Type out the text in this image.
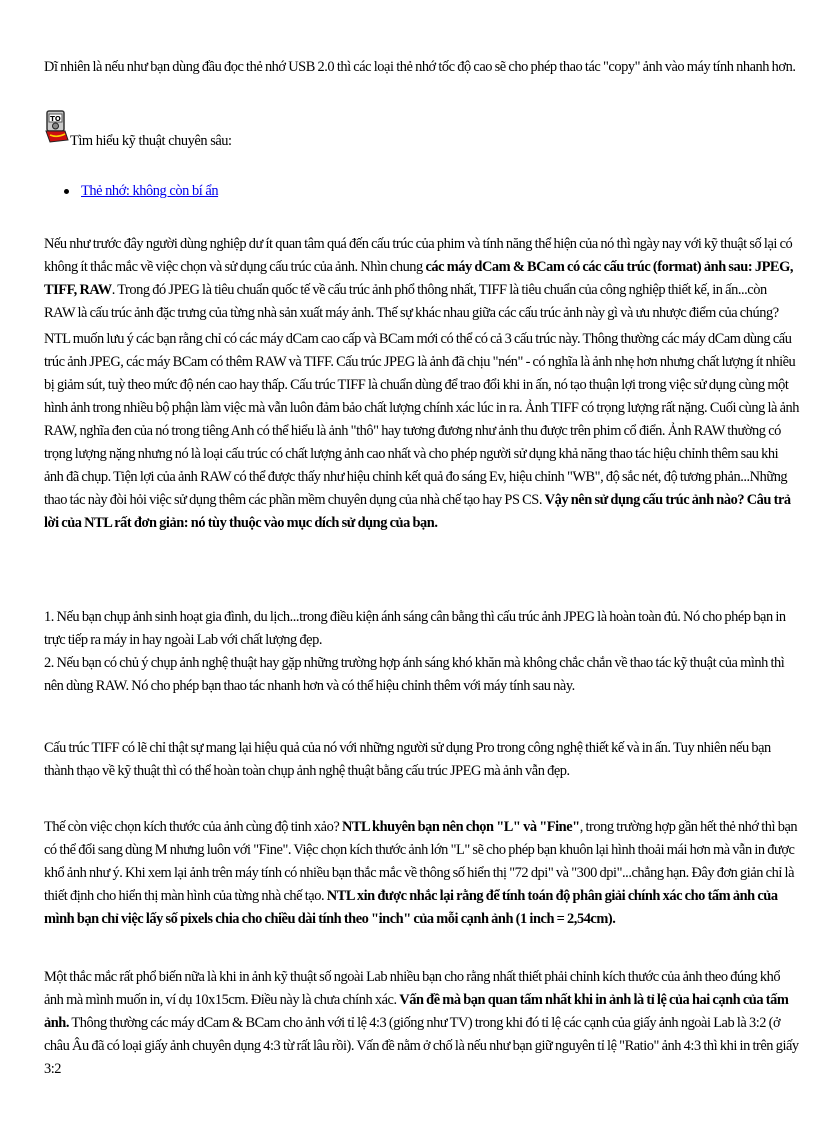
Dĩ nhiên là nếu như bạn dùng đầu đọc thẻ nhớ USB 2.0 thì các loại thẻ nhớ tốc độ cao sẽ cho phép thao tác "copy" ảnh vào máy tính nhanh hơn.

TO
Tìm hiểu kỹ thuật chuyên sâu:
Thẻ nhớ: không còn bí ẩn

Nếu như trước đây người dùng nghiệp dư ít quan tâm quá đến cấu trúc của phim và tính năng thể hiện của nó thì ngày nay với kỹ thuật số lại có không ít thắc mắc về việc chọn và sử dụng cấu trúc của ảnh. Nhìn chung các máy dCam & BCam có các cấu trúc (format) ảnh sau: JPEG, TIFF, RAW. Trong đó JPEG là tiêu chuẩn quốc tế về cấu trúc ảnh phổ thông nhất, TIFF là tiêu chuẩn của công nghiệp thiết kế, in ấn...còn RAW là cấu trúc ảnh đặc trưng của từng nhà sản xuất máy ảnh. Thế sự khác nhau giữa các cấu trúc ảnh này gì và ưu nhược điểm của chúng?

NTL muốn lưu ý các bạn rằng chỉ có các máy dCam cao cấp và BCam mới có thể có cả 3 cấu trúc này. Thông thường các máy dCam dùng cấu trúc ảnh JPEG, các máy BCam có thêm RAW và TIFF. Cấu trúc JPEG là ảnh đã chịu "nén" - có nghĩa là ảnh nhẹ hơn nhưng chất lượng ít nhiều bị giảm sút, tuỳ theo mức độ nén cao hay thấp. Cấu trúc TIFF là chuẩn dùng để trao đổi khi in ấn, nó tạo thuận lợi trong việc sử dụng cùng một hình ảnh trong nhiều bộ phận làm việc mà vẫn luôn đảm bảo chất lượng chính xác lúc in ra. Ảnh TIFF có trọng lượng rất nặng. Cuối cùng là ảnh RAW, nghĩa đen của nó trong tiêng Anh có thể hiểu là ảnh "thô" hay tương đương như ảnh thu được trên phim cổ điển. Ảnh RAW thường có trọng lượng nặng nhưng nó là loại cấu trúc có chất lượng ảnh cao nhất và cho phép người sử dụng khả năng thao tác hiệu chỉnh thêm sau khi ảnh đã chụp. Tiện lợi của ảnh RAW có thể được thấy như hiệu chỉnh kết quả đo sáng Ev, hiệu chỉnh "WB", độ sắc nét, độ tương phản...Những thao tác này đòi hỏi việc sử dụng thêm các phần mềm chuyên dụng của nhà chế tạo hay PS CS. Vậy nên sử dụng cấu trúc ảnh nào? Câu trả lời của NTL rất đơn giản: nó tùy thuộc vào mục dích sử dụng của bạn.

1. Nếu bạn chụp ảnh sinh hoạt gia đình, du lịch...trong điều kiện ánh sáng cân bằng thì cấu trúc ảnh JPEG là hoàn toàn đủ. Nó cho phép bạn in trực tiếp ra máy in hay ngoài Lab với chất lượng đẹp.

2. Nếu bạn có chủ ý chụp ảnh nghệ thuật hay gặp những trường hợp ánh sáng khó khăn mà không chắc chắn về thao tác kỹ thuật của mình thì nên dùng RAW. Nó cho phép bạn thao tác nhanh hơn và có thể hiệu chỉnh thêm với máy tính sau này.

Cấu trúc TIFF có lẽ chỉ thật sự mang lại hiệu quả của nó với những người sử dụng Pro trong công nghệ thiết kế và in ấn. Tuy nhiên nếu bạn thành thạo về kỹ thuật thì có thể hoàn toàn chụp ảnh nghệ thuật bằng cấu trúc JPEG mà ảnh vẫn đẹp.

Thế còn việc chọn kích thước của ảnh cùng độ tinh xảo? NTL khuyên bạn nên chọn "L" và "Fine", trong trường hợp gần hết thẻ nhớ thì bạn có thể đổi sang dùng M nhưng luôn với "Fine". Việc chọn kích thước ảnh lớn "L" sẽ cho phép bạn khuôn lại hình thoải mái hơn mà vẫn in được khổ ảnh như ý. Khi xem lại ảnh trên máy tính có nhiều bạn thắc mắc về thông số hiển thị "72 dpi" và "300 dpi"...chẳng hạn. Đây đơn giản chỉ là thiết định cho hiển thị màn hình của từng nhà chế tạo. NTL xin được nhắc lại rằng để tính toán độ phân giải chính xác cho tấm ảnh của mình bạn chỉ việc lấy số pixels chia cho chiều dài tính theo "inch" của mỗi cạnh ảnh (1 inch = 2,54cm).

Một thắc mắc rất phổ biến nữa là khi in ảnh kỹ thuật số ngoài Lab nhiều bạn cho rằng nhất thiết phải chỉnh kích thước của ảnh theo đúng khổ ảnh mà mình muốn in, ví dụ 10x15cm. Điều này là chưa chính xác. Vấn đề mà bạn quan tấm nhất khi in ảnh là tỉ lệ của hai cạnh của tấm ảnh. Thông thường các máy dCam & BCam cho ảnh với tỉ lệ 4:3 (giống như TV) trong khi đó tỉ lệ các cạnh của giấy ảnh ngoài Lab là 3:2 (ở châu Âu đã có loại giấy ảnh chuyên dụng 4:3 từ rất lâu rồi). Vấn đề nằm ở chố là nếu như bạn giữ nguyên tỉ lệ "Ratio" ảnh 4:3 thì khi in trên giấy 3:2
